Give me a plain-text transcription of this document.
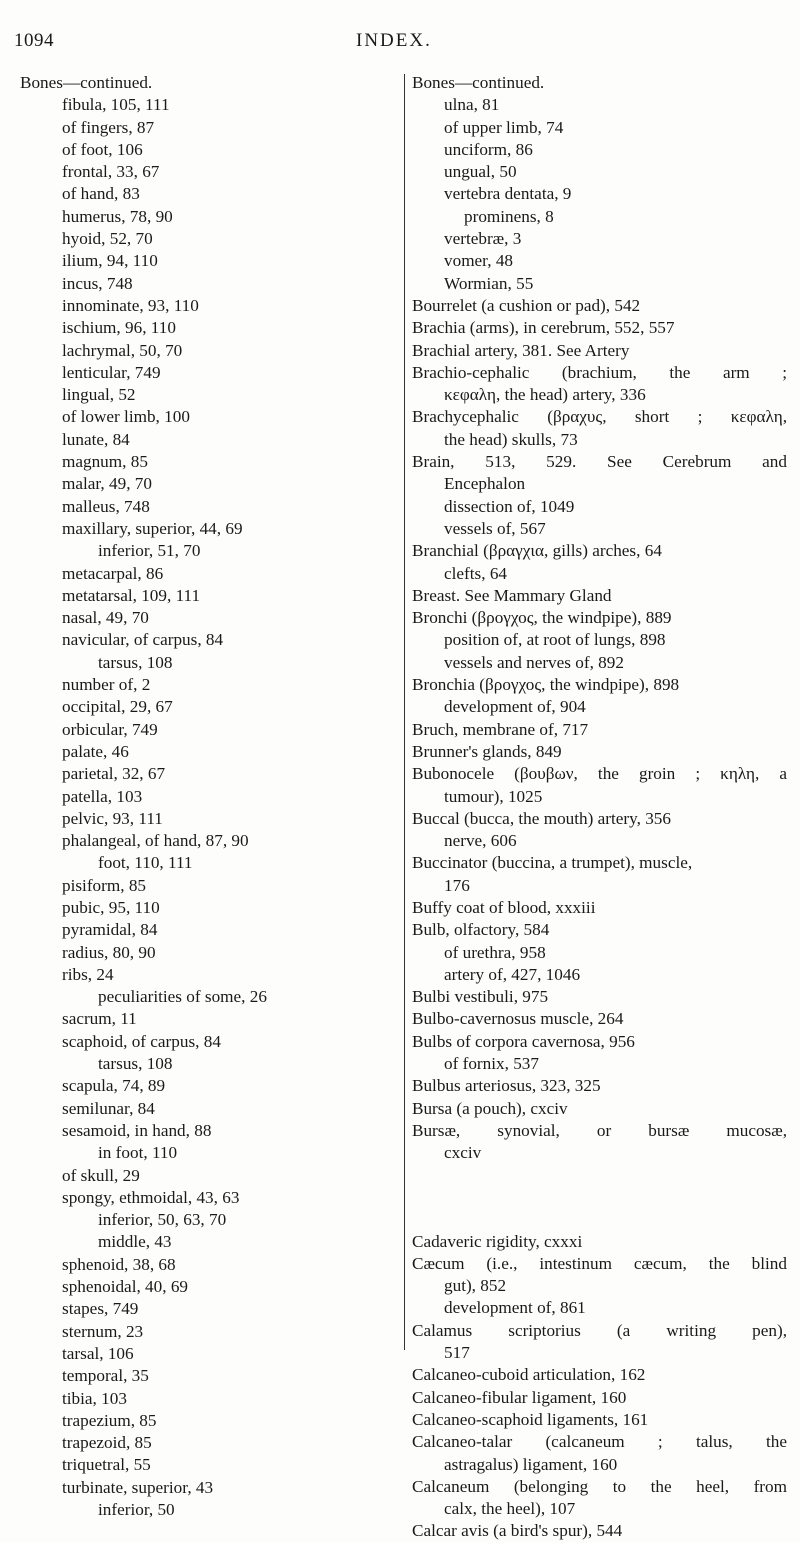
1094	INDEX.
Bones—continued.
fibula, 105, 111
of fingers, 87
of foot, 106
frontal, 33, 67
of hand, 83
humerus, 78, 90
hyoid, 52, 70
ilium, 94, 110
incus, 748
innominate, 93, 110
ischium, 96, 110
lachrymal, 50, 70
lenticular, 749
lingual, 52
of lower limb, 100
lunate, 84
magnum, 85
malar, 49, 70
malleus, 748
maxillary, superior, 44, 69
inferior, 51, 70
metacarpal, 86
metatarsal, 109, 111
nasal, 49, 70
navicular, of carpus, 84
tarsus, 108
number of, 2
occipital, 29, 67
orbicular, 749
palate, 46
parietal, 32, 67
patella, 103
pelvic, 93, 111
phalangeal, of hand, 87, 90
foot, 110, 111
pisiform, 85
pubic, 95, 110
pyramidal, 84
radius, 80, 90
ribs, 24
peculiarities of some, 26
sacrum, 11
scaphoid, of carpus, 84
tarsus, 108
scapula, 74, 89
semilunar, 84
sesamoid, in hand, 88
in foot, 110
of skull, 29
spongy, ethmoidal, 43, 63
inferior, 50, 63, 70
middle, 43
sphenoid, 38, 68
sphenoidal, 40, 69
stapes, 749
sternum, 23
tarsal, 106
temporal, 35
tibia, 103
trapezium, 85
trapezoid, 85
triquetral, 55
turbinate, superior, 43
inferior, 50
Bones—continued.
ulna, 81
of upper limb, 74
unciform, 86
ungual, 50
vertebra dentata, 9
prominens, 8
vertebræ, 3
vomer, 48
Wormian, 55
Bourrelet (a cushion or pad), 542
Brachia (arms), in cerebrum, 552, 557
Brachial artery, 381. See Artery
Brachio-cephalic (brachium, the arm ;
κεφαλη, the head) artery, 336
Brachycephalic (βραχυς, short ; κεφαλη,
the head) skulls, 73
Brain, 513, 529. See Cerebrum and
Encephalon
dissection of, 1049
vessels of, 567
Branchial (βραγχια, gills) arches, 64
clefts, 64
Breast. See Mammary Gland
Bronchi (βρογχος, the windpipe), 889
position of, at root of lungs, 898
vessels and nerves of, 892
Bronchia (βρογχος, the windpipe), 898
development of, 904
Bruch, membrane of, 717
Brunner's glands, 849
Bubonocele (βουβων, the groin ; κηλη, a
tumour), 1025
Buccal (bucca, the mouth) artery, 356
nerve, 606
Buccinator (buccina, a trumpet), muscle,
176
Buffy coat of blood, xxxiii
Bulb, olfactory, 584
of urethra, 958
artery of, 427, 1046
Bulbi vestibuli, 975
Bulbo-cavernosus muscle, 264
Bulbs of corpora cavernosa, 956
of fornix, 537
Bulbus arteriosus, 323, 325
Bursa (a pouch), cxciv
Bursæ, synovial, or bursæ mucosæ,
cxciv
Cadaveric rigidity, cxxxi
Cæcum (i.e., intestinum cæcum, the blind
gut), 852
development of, 861
Calamus scriptorius (a writing pen),
517
Calcaneo-cuboid articulation, 162
Calcaneo-fibular ligament, 160
Calcaneo-scaphoid ligaments, 161
Calcaneo-talar (calcaneum ; talus, the
astragalus) ligament, 160
Calcaneum (belonging to the heel, from
calx, the heel), 107
Calcar avis (a bird's spur), 544
